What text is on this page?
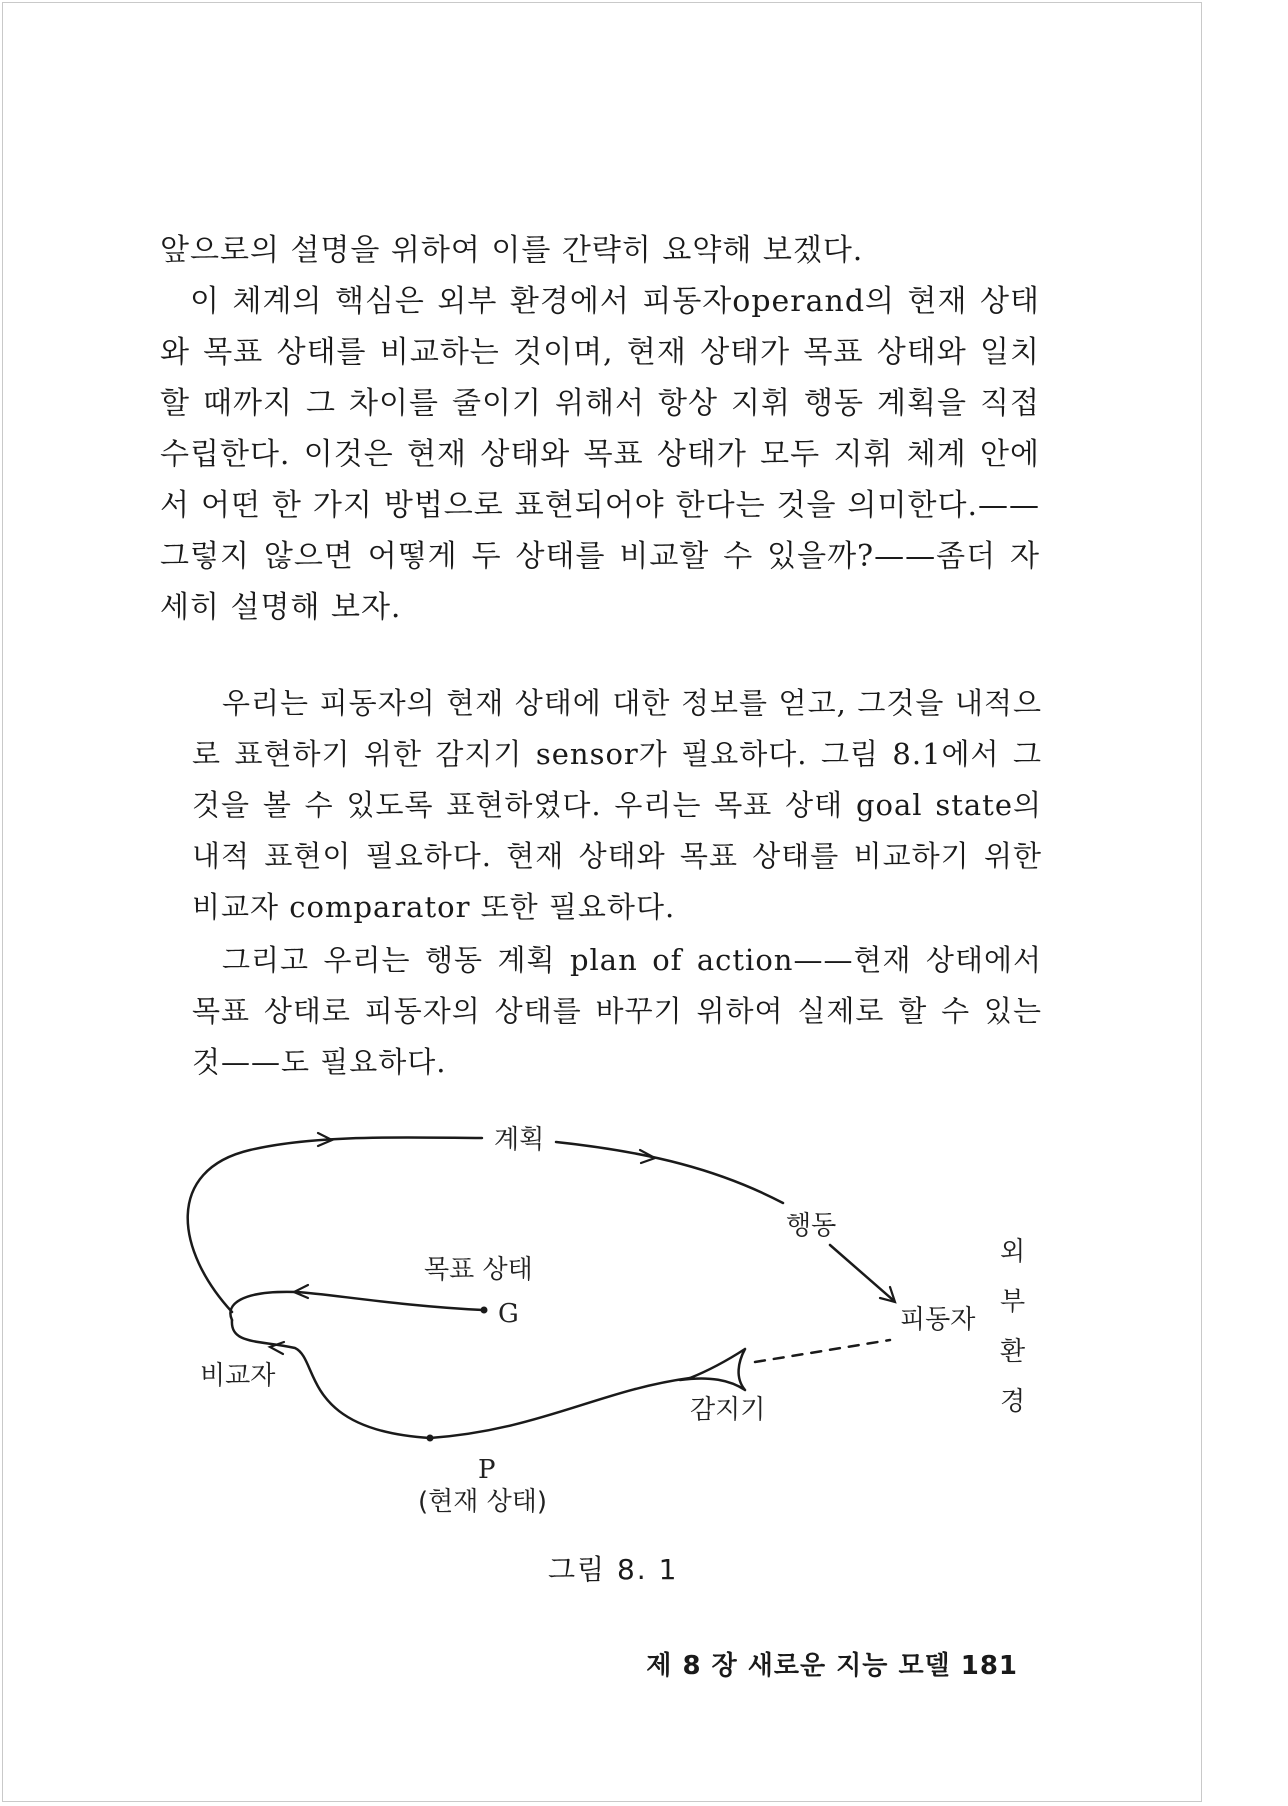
앞으로의 설명을 위하여 이를 간략히 요약해 보겠다.

이 체계의 핵심은 외부 환경에서 피동자operand의 현재 상태와 목표 상태를 비교하는 것이며, 현재 상태가 목표 상태와 일치할 때까지 그 차이를 줄이기 위해서 항상 지휘 행동 계획을 직접 수립한다. 이것은 현재 상태와 목표 상태가 모두 지휘 체계 안에서 어떤 한 가지 방법으로 표현되어야 한다는 것을 의미한다.——그렇지 않으면 어떻게 두 상태를 비교할 수 있을까?——좀더 자세히 설명해 보자.

우리는 피동자의 현재 상태에 대한 정보를 얻고, 그것을 내적으로 표현하기 위한 감지기 sensor가 필요하다. 그림 8.1에서 그것을 볼 수 있도록 표현하였다. 우리는 목표 상태 goal state의 내적 표현이 필요하다. 현재 상태와 목표 상태를 비교하기 위한 비교자 comparator 또한 필요하다.

그리고 우리는 행동 계획 plan of action——현재 상태에서 목표 상태로 피동자의 상태를 바꾸기 위하여 실제로 할 수 있는 것——도 필요하다.

계획
행동
목표 상태
G	피동자
비교자
감지기
P
(현재 상태)
외
부
환
경
그림 8. 1
제 8 장 새로운 지능 모델 181
